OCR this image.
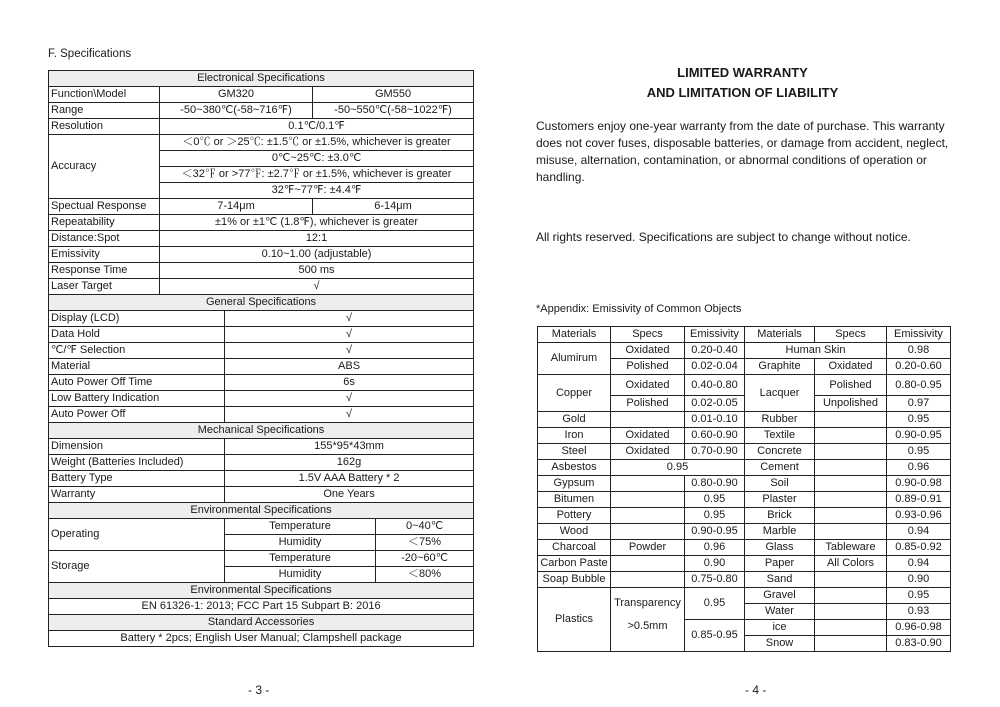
F. Specifications
Electronical Specifications				
Function\Model	GM320		GM550	
Range	-50~380℃(-58~716℉)		-50~550℃(-58~1022℉)	
Resolution	0.1℃/0.1℉			
Accuracy	＜0℃ or ＞25℃: ±1.5℃ or ±1.5%, whichever is greater			
	0℃~25℃: ±3.0℃			
	＜32℉ or >77℉: ±2.7℉ or ±1.5%, whichever is greater			
	32℉~77℉: ±4.4℉			
Spectual Response	7-14μm		6-14μm	
Repeatability	±1% or ±1℃ (1.8℉), whichever is greater			
Distance:Spot	12:1			
Emissivity	0.10~1.00 (adjustable)			
Response Time	500 ms			
Laser Target	√			
General Specifications				
Display (LCD)		√		
Data Hold		√		
℃/℉ Selection		√		
Material		ABS		
Auto Power Off Time		6s		
Low Battery Indication		√		
Auto Power Off		√		
Mechanical Specifications				
Dimension		155*95*43mm		
Weight (Batteries Included)		162g		
Battery Type		1.5V AAA Battery * 2		
Warranty		One Years		
Environmental Specifications				
Operating		Temperature		0~40℃
		Humidity		＜75%
Storage		Temperature		-20~60℃
		Humidity		＜80%
Environmental Specifications				
EN 61326-1: 2013; FCC Part 15 Subpart B: 2016				
Standard Accessories				
Battery * 2pcs; English User Manual; Clampshell package				
- 3 -
LIMITED WARRANTY
AND LIMITATION OF LIABILITY
Customers enjoy one-year warranty from the date of purchase. This warranty does not cover fuses, disposable batteries, or damage from accident, neglect, misuse, alternation, contamination, or abnormal conditions of operation or handling.
All rights reserved. Specifications are subject to change without notice.
*Appendix: Emissivity of Common Objects
Materials	Specs	Emissivity	Materials	Specs	Emissivity
Alumirum	Oxidated	0.20-0.40	Human Skin		0.98
	Polished	0.02-0.04	Graphite	Oxidated	0.20-0.60
Copper	Oxidated	0.40-0.80	Lacquer	Polished	0.80-0.95
	Polished	0.02-0.05		Unpolished	0.97
Gold		0.01-0.10	Rubber		0.95
Iron	Oxidated	0.60-0.90	Textile		0.90-0.95
Steel	Oxidated	0.70-0.90	Concrete		0.95
Asbestos	0.95		Cement		0.96
Gypsum		0.80-0.90	Soil		0.90-0.98
Bitumen		0.95	Plaster		0.89-0.91
Pottery		0.95	Brick		0.93-0.96
Wood		0.90-0.95	Marble		0.94
Charcoal	Powder	0.96	Glass	Tableware	0.85-0.92
Carbon Paste		0.90	Paper	All Colors	0.94
Soap Bubble		0.75-0.80	Sand		0.90
Plastics	Transparency	0.95	Gravel		0.95
			Water		0.93
	>0.5mm	0.85-0.95	ice		0.96-0.98
			Snow		0.83-0.90
- 4 -
